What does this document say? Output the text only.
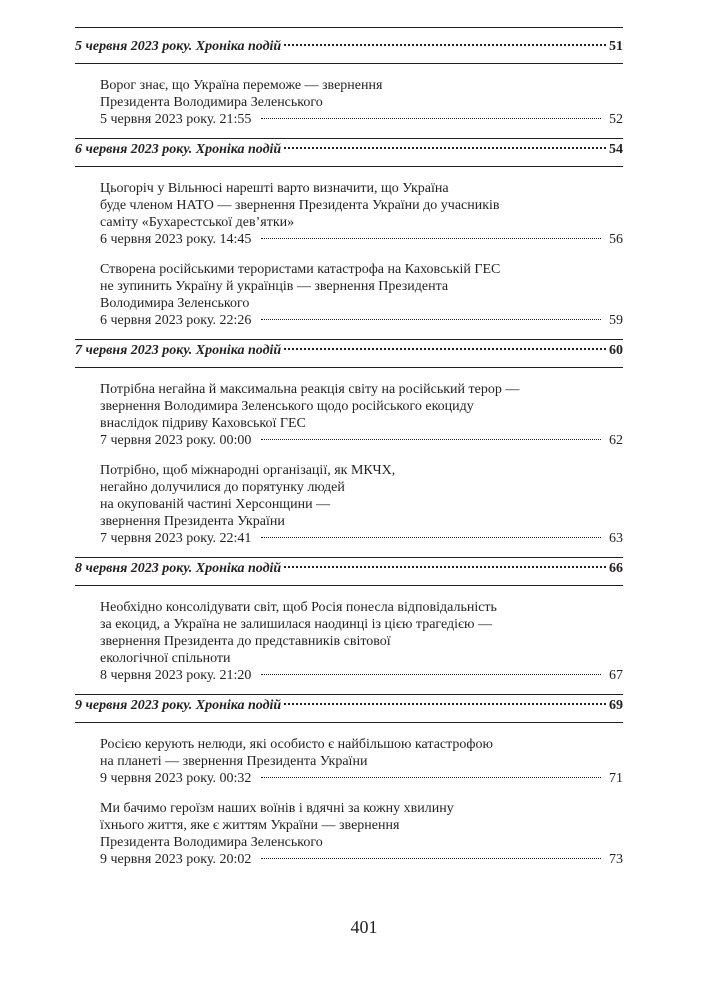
5 червня 2023 року. Хроніка подій	51
Ворог знає, що Україна переможе — звернення
Президента Володимира Зеленського
5 червня 2023 року. 21:55	52
6 червня 2023 року. Хроніка подій	54
Цьогоріч у Вільнюсі нарешті варто визначити, що Україна
буде членом НАТО — звернення Президента України до учасників
саміту «Бухарестської дев’ятки»
6 червня 2023 року. 14:45	56
Створена російськими терористами катастрофа на Каховській ГЕС
не зупинить Україну й українців — звернення Президента
Володимира Зеленського
6 червня 2023 року. 22:26	59
7 червня 2023 року. Хроніка подій	60
Потрібна негайна й максимальна реакція світу на російський терор —
звернення Володимира Зеленського щодо російського екоциду
внаслідок підриву Каховської ГЕС
7 червня 2023 року. 00:00	62
Потрібно, щоб міжнародні організації, як МКЧХ,
негайно долучилися до порятунку людей
на окупованій частині Херсонщини —
звернення Президента України
7 червня 2023 року. 22:41	63
8 червня 2023 року. Хроніка подій	66
Необхідно консолідувати світ, щоб Росія понесла відповідальність
за екоцид, а Україна не залишилася наодинці із цією трагедією —
звернення Президента до представників світової
екологічної спільноти
8 червня 2023 року. 21:20	67
9 червня 2023 року. Хроніка подій	69
Росією керують нелюди, які особисто є найбільшою катастрофою
на планеті — звернення Президента України
9 червня 2023 року. 00:32	71
Ми бачимо героїзм наших воїнів і вдячні за кожну хвилину
їхнього життя, яке є життям України — звернення
Президента Володимира Зеленського
9 червня 2023 року. 20:02	73
401
